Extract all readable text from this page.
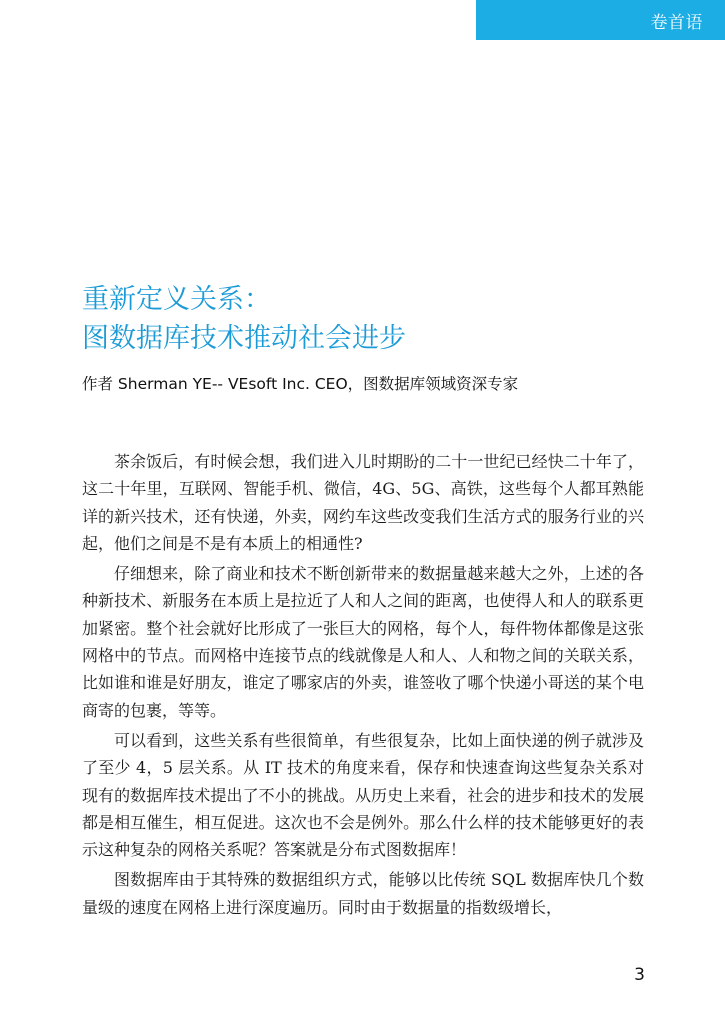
卷首语
重新定义关系：
图数据库技术推动社会进步

作者 Sherman YE-- VEsoft Inc. CEO，图数据库领域资深专家

茶余饭后，有时候会想，我们进入儿时期盼的二十一世纪已经快二十年了，这二十年里，互联网、智能手机、微信，4G、5G、高铁，这些每个人都耳熟能详的新兴技术，还有快递，外卖，网约车这些改变我们生活方式的服务行业的兴起，他们之间是不是有本质上的相通性?

仔细想来，除了商业和技术不断创新带来的数据量越来越大之外，上述的各种新技术、新服务在本质上是拉近了人和人之间的距离，也使得人和人的联系更加紧密。整个社会就好比形成了一张巨大的网格，每个人，每件物体都像是这张网格中的节点。而网格中连接节点的线就像是人和人、人和物之间的关联关系，比如谁和谁是好朋友，谁定了哪家店的外卖，谁签收了哪个快递小哥送的某个电商寄的包裹，等等。

可以看到，这些关系有些很简单，有些很复杂，比如上面快递的例子就涉及了至少 4，5 层关系。从 IT 技术的角度来看，保存和快速查询这些复杂关系对现有的数据库技术提出了不小的挑战。从历史上来看，社会的进步和技术的发展都是相互催生，相互促进。这次也不会是例外。那么什么样的技术能够更好的表示这种复杂的网格关系呢？答案就是分布式图数据库！

图数据库由于其特殊的数据组织方式，能够以比传统 SQL 数据库快几个数量级的速度在网格上进行深度遍历。同时由于数据量的指数级增长，

3
